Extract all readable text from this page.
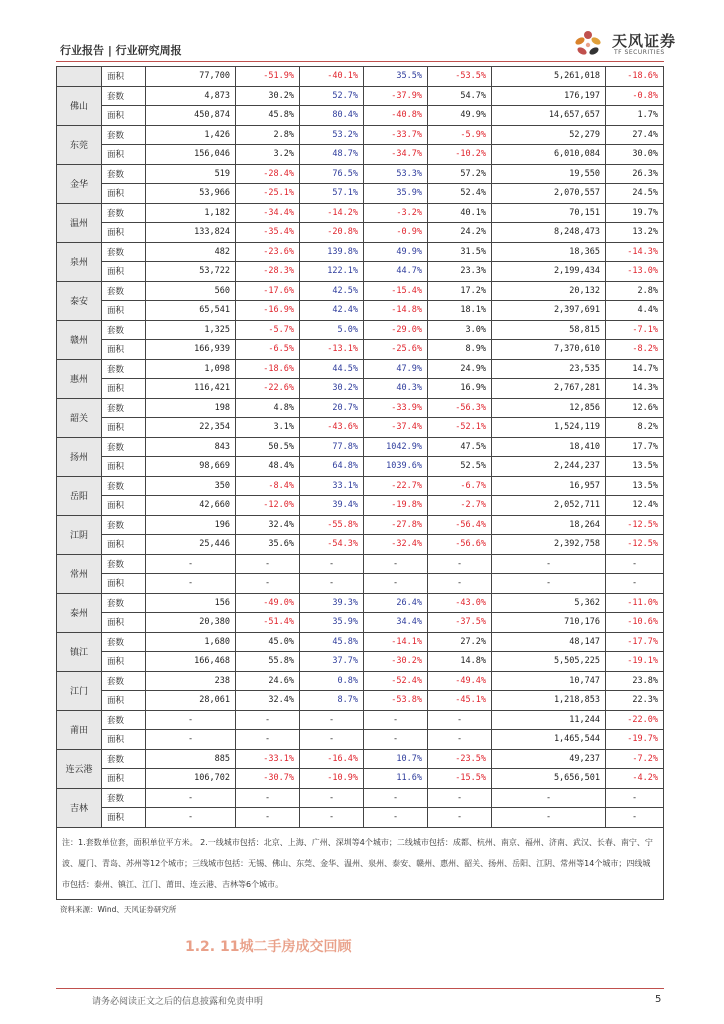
行业报告 | 行业研究周报
天风证券
TF SECURITIES
	面积	77,700	-51.9%	-40.1%	35.5%	-53.5%	5,261,018	-18.6%
佛山	套数	4,873	30.2%	52.7%	-37.9%	54.7%	176,197	-0.8%
	面积	450,874	45.8%	80.4%	-40.8%	49.9%	14,657,657	1.7%
东莞	套数	1,426	2.8%	53.2%	-33.7%	-5.9%	52,279	27.4%
	面积	156,046	3.2%	48.7%	-34.7%	-10.2%	6,010,084	30.0%
金华	套数	519	-28.4%	76.5%	53.3%	57.2%	19,550	26.3%
	面积	53,966	-25.1%	57.1%	35.9%	52.4%	2,070,557	24.5%
温州	套数	1,182	-34.4%	-14.2%	-3.2%	40.1%	70,151	19.7%
	面积	133,824	-35.4%	-20.8%	-0.9%	24.2%	8,248,473	13.2%
泉州	套数	482	-23.6%	139.8%	49.9%	31.5%	18,365	-14.3%
	面积	53,722	-28.3%	122.1%	44.7%	23.3%	2,199,434	-13.0%
泰安	套数	560	-17.6%	42.5%	-15.4%	17.2%	20,132	2.8%
	面积	65,541	-16.9%	42.4%	-14.8%	18.1%	2,397,691	4.4%
赣州	套数	1,325	-5.7%	5.0%	-29.0%	3.0%	58,815	-7.1%
	面积	166,939	-6.5%	-13.1%	-25.6%	8.9%	7,370,610	-8.2%
惠州	套数	1,098	-18.6%	44.5%	47.9%	24.9%	23,535	14.7%
	面积	116,421	-22.6%	30.2%	40.3%	16.9%	2,767,281	14.3%
韶关	套数	198	4.8%	20.7%	-33.9%	-56.3%	12,856	12.6%
	面积	22,354	3.1%	-43.6%	-37.4%	-52.1%	1,524,119	8.2%
扬州	套数	843	50.5%	77.8%	1042.9%	47.5%	18,410	17.7%
	面积	98,669	48.4%	64.8%	1039.6%	52.5%	2,244,237	13.5%
岳阳	套数	350	-8.4%	33.1%	-22.7%	-6.7%	16,957	13.5%
	面积	42,660	-12.0%	39.4%	-19.8%	-2.7%	2,052,711	12.4%
江阴	套数	196	32.4%	-55.8%	-27.8%	-56.4%	18,264	-12.5%
	面积	25,446	35.6%	-54.3%	-32.4%	-56.6%	2,392,758	-12.5%
常州	套数	-	-	-	-	-	-	-
	面积	-	-	-	-	-	-	-
泰州	套数	156	-49.0%	39.3%	26.4%	-43.0%	5,362	-11.0%
	面积	20,380	-51.4%	35.9%	34.4%	-37.5%	710,176	-10.6%
镇江	套数	1,680	45.0%	45.8%	-14.1%	27.2%	48,147	-17.7%
	面积	166,468	55.8%	37.7%	-30.2%	14.8%	5,505,225	-19.1%
江门	套数	238	24.6%	0.8%	-52.4%	-49.4%	10,747	23.8%
	面积	28,061	32.4%	8.7%	-53.8%	-45.1%	1,218,853	22.3%
莆田	套数	-	-	-	-	-	11,244	-22.0%
	面积	-	-	-	-	-	1,465,544	-19.7%
连云港	套数	885	-33.1%	-16.4%	10.7%	-23.5%	49,237	-7.2%
	面积	106,702	-30.7%	-10.9%	11.6%	-15.5%	5,656,501	-4.2%
吉林	套数	-	-	-	-	-	-	-
	面积	-	-	-	-	-	-	-
注：1.套数单位套，面积单位平方米。 2.一线城市包括：北京、上海、广州、深圳等4个城市；二线城市包括：成都、杭州、南京、福州、济南、武汉、长春、南宁、宁波、厦门、青岛、苏州等12个城市；三线城市包括：无锡、佛山、东莞、金华、温州、泉州、泰安、赣州、惠州、韶关、扬州、岳阳、江阴、常州等14个城市；四线城市包括：泰州、镇江、江门、莆田、连云港、吉林等6个城市。								
资料来源：Wind、天风证券研究所
1.2. 11城二手房成交回顾
请务必阅读正文之后的信息披露和免责申明	5
